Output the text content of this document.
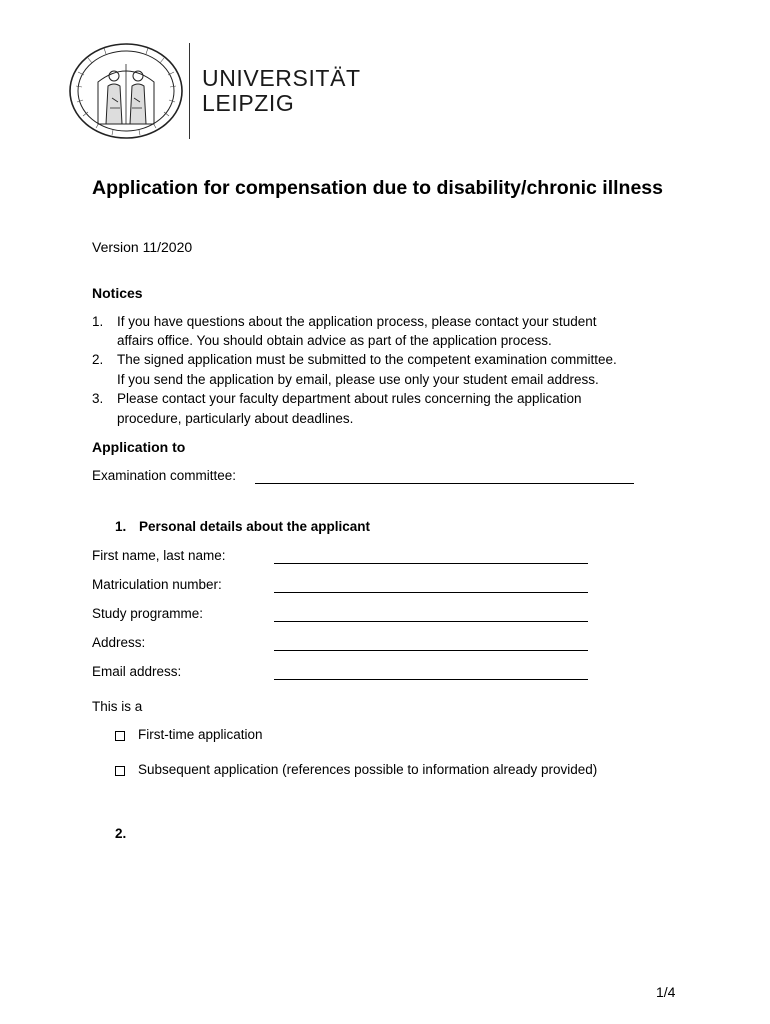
UNIVERSITÄT
LEIPZIG
Application for compensation due to disability/chronic illness
Version 11/2020
Notices
1. If you have questions about the application process, please contact your student
affairs office. You should obtain advice as part of the application process.
2. The signed application must be submitted to the competent examination committee.
If you send the application by email, please use only your student email address.
3. Please contact your faculty department about rules concerning the application
procedure, particularly about deadlines.
Application to
Examination committee:
1. Personal details about the applicant
First name, last name:
Matriculation number:
Study programme:
Address:
Email address:
This is a
First-time application
Subsequent application (references possible to information already provided)
2.
1/4
